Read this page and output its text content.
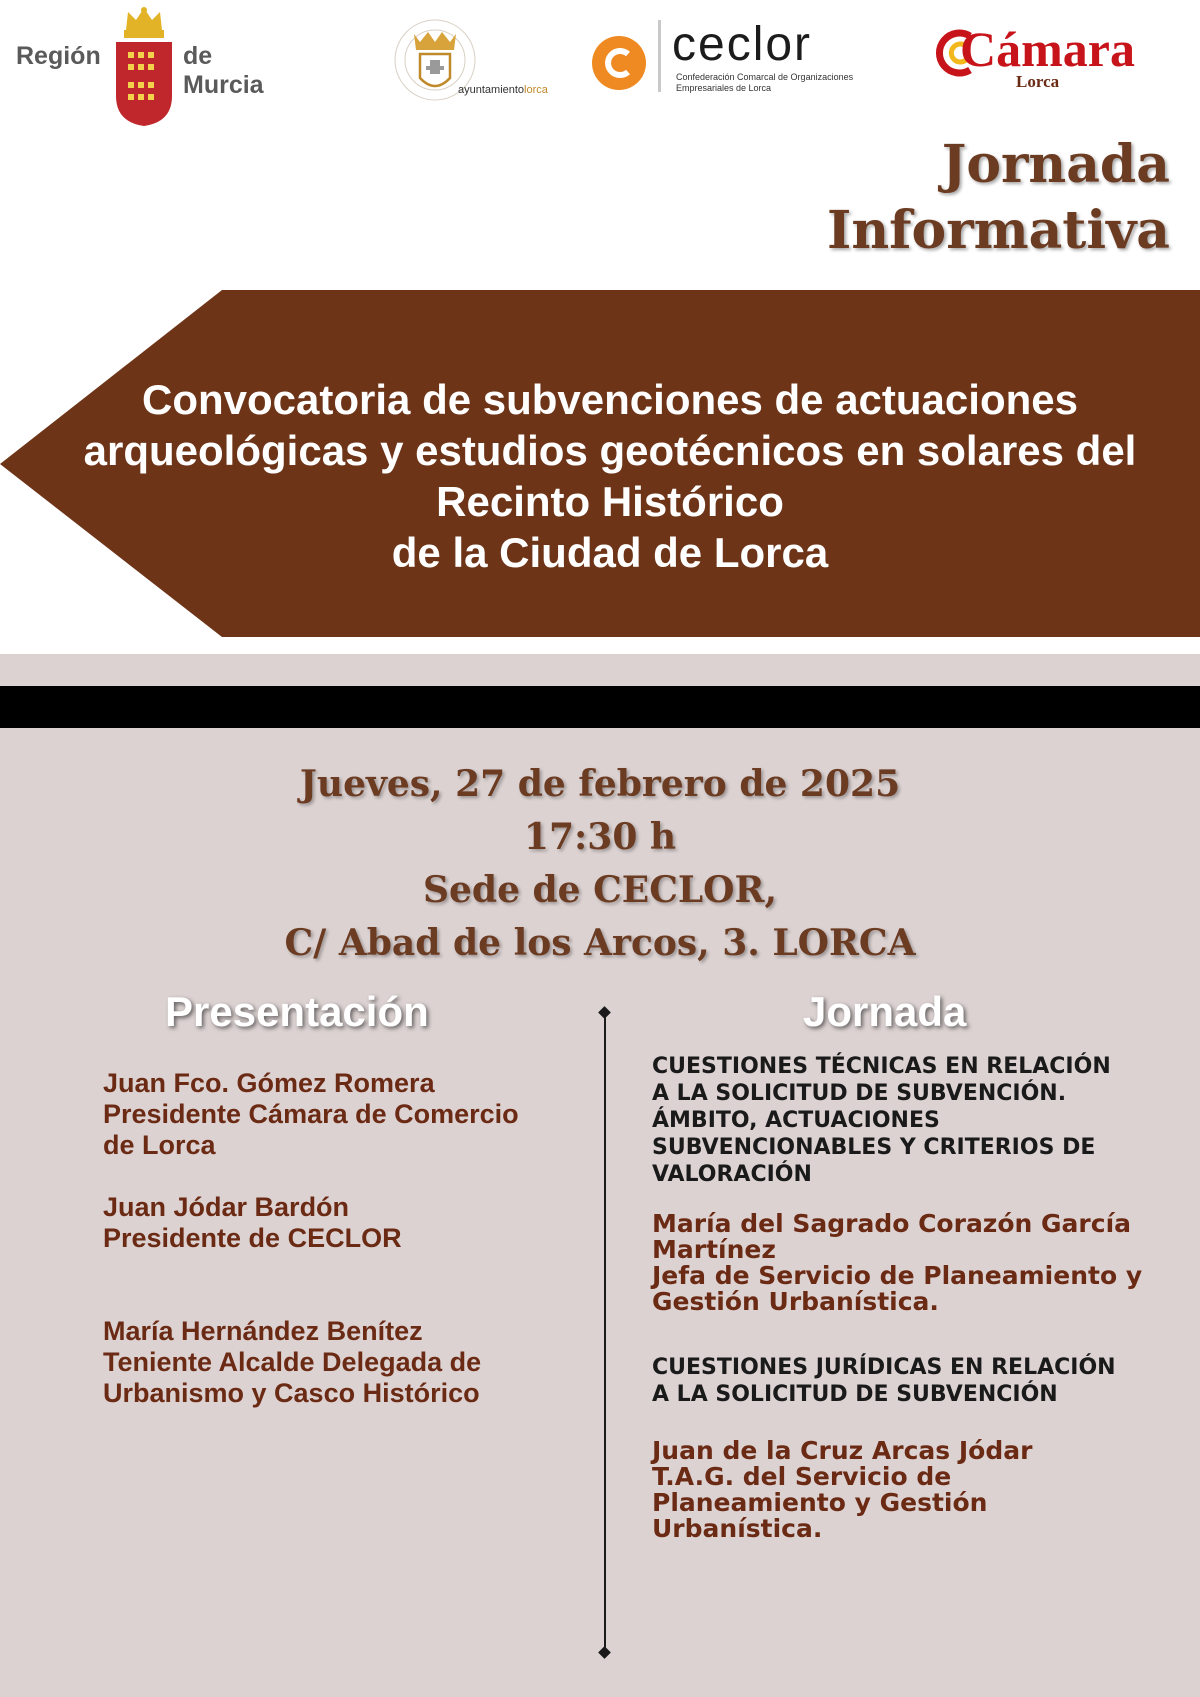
Región	de Murcia	ayuntamientolorca
ceclor
Confederación Comarcal de Organizaciones Empresariales de Lorca
Cámara
Lorca
Jornada
Informativa
Convocatoria de subvenciones de actuaciones
arqueológicas y estudios geotécnicos en solares del
Recinto Histórico
de la Ciudad de Lorca
Jueves, 27 de febrero de 2025
17:30 h
Sede de CECLOR,
C/ Abad de los Arcos, 3. LORCA
Presentación	Jornada
Juan Fco. Gómez Romera
Presidente Cámara de Comercio
de Lorca
Juan Jódar Bardón
Presidente de CECLOR
María Hernández Benítez
Teniente Alcalde Delegada de
Urbanismo y Casco Histórico
CUESTIONES TÉCNICAS EN RELACIÓN
A LA SOLICITUD DE SUBVENCIÓN.
ÁMBITO, ACTUACIONES
SUBVENCIONABLES Y CRITERIOS DE
VALORACIÓN
María del Sagrado Corazón García
Martínez
Jefa de Servicio de Planeamiento y
Gestión Urbanística.
CUESTIONES JURÍDICAS EN RELACIÓN
A LA SOLICITUD DE SUBVENCIÓN
Juan de la Cruz Arcas Jódar
T.A.G. del Servicio de
Planeamiento y Gestión
Urbanística.
